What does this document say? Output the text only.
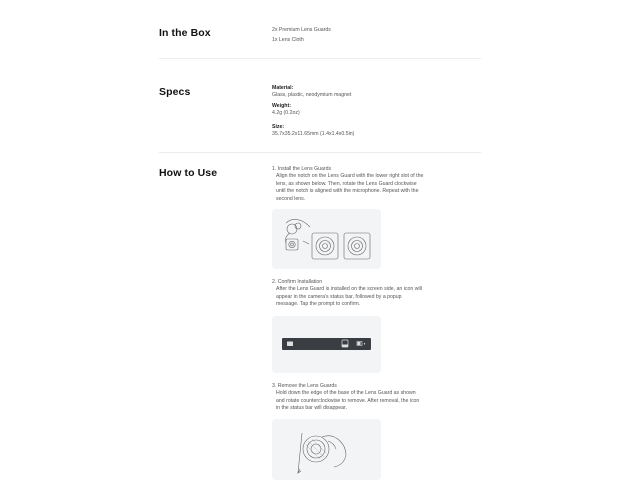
In the Box	2x Premium Lens Guards
1x Lens Cloth
Specs	Material:
Glass, plastic, neodymium magnet
Weight:
4.2g (0.2oz)
Size:
35.7x35.2x11.65mm (1.4x1.4x0.5in)
How to Use	1. Install the Lens Guards
Align the notch on the Lens Guard with the lower right slot of the lens, as shown below. Then, rotate the Lens Guard clockwise until the notch is aligned with the microphone. Repeat with the second lens.
2. Confirm Installation
After the Lens Guard is installed on the screen side, an icon will appear in the camera's status bar, followed by a popup message. Tap the prompt to confirm.
3. Remove the Lens Guards
Hold down the edge of the base of the Lens Guard as shown and rotate counterclockwise to remove. After removal, the icon in the status bar will disappear.
